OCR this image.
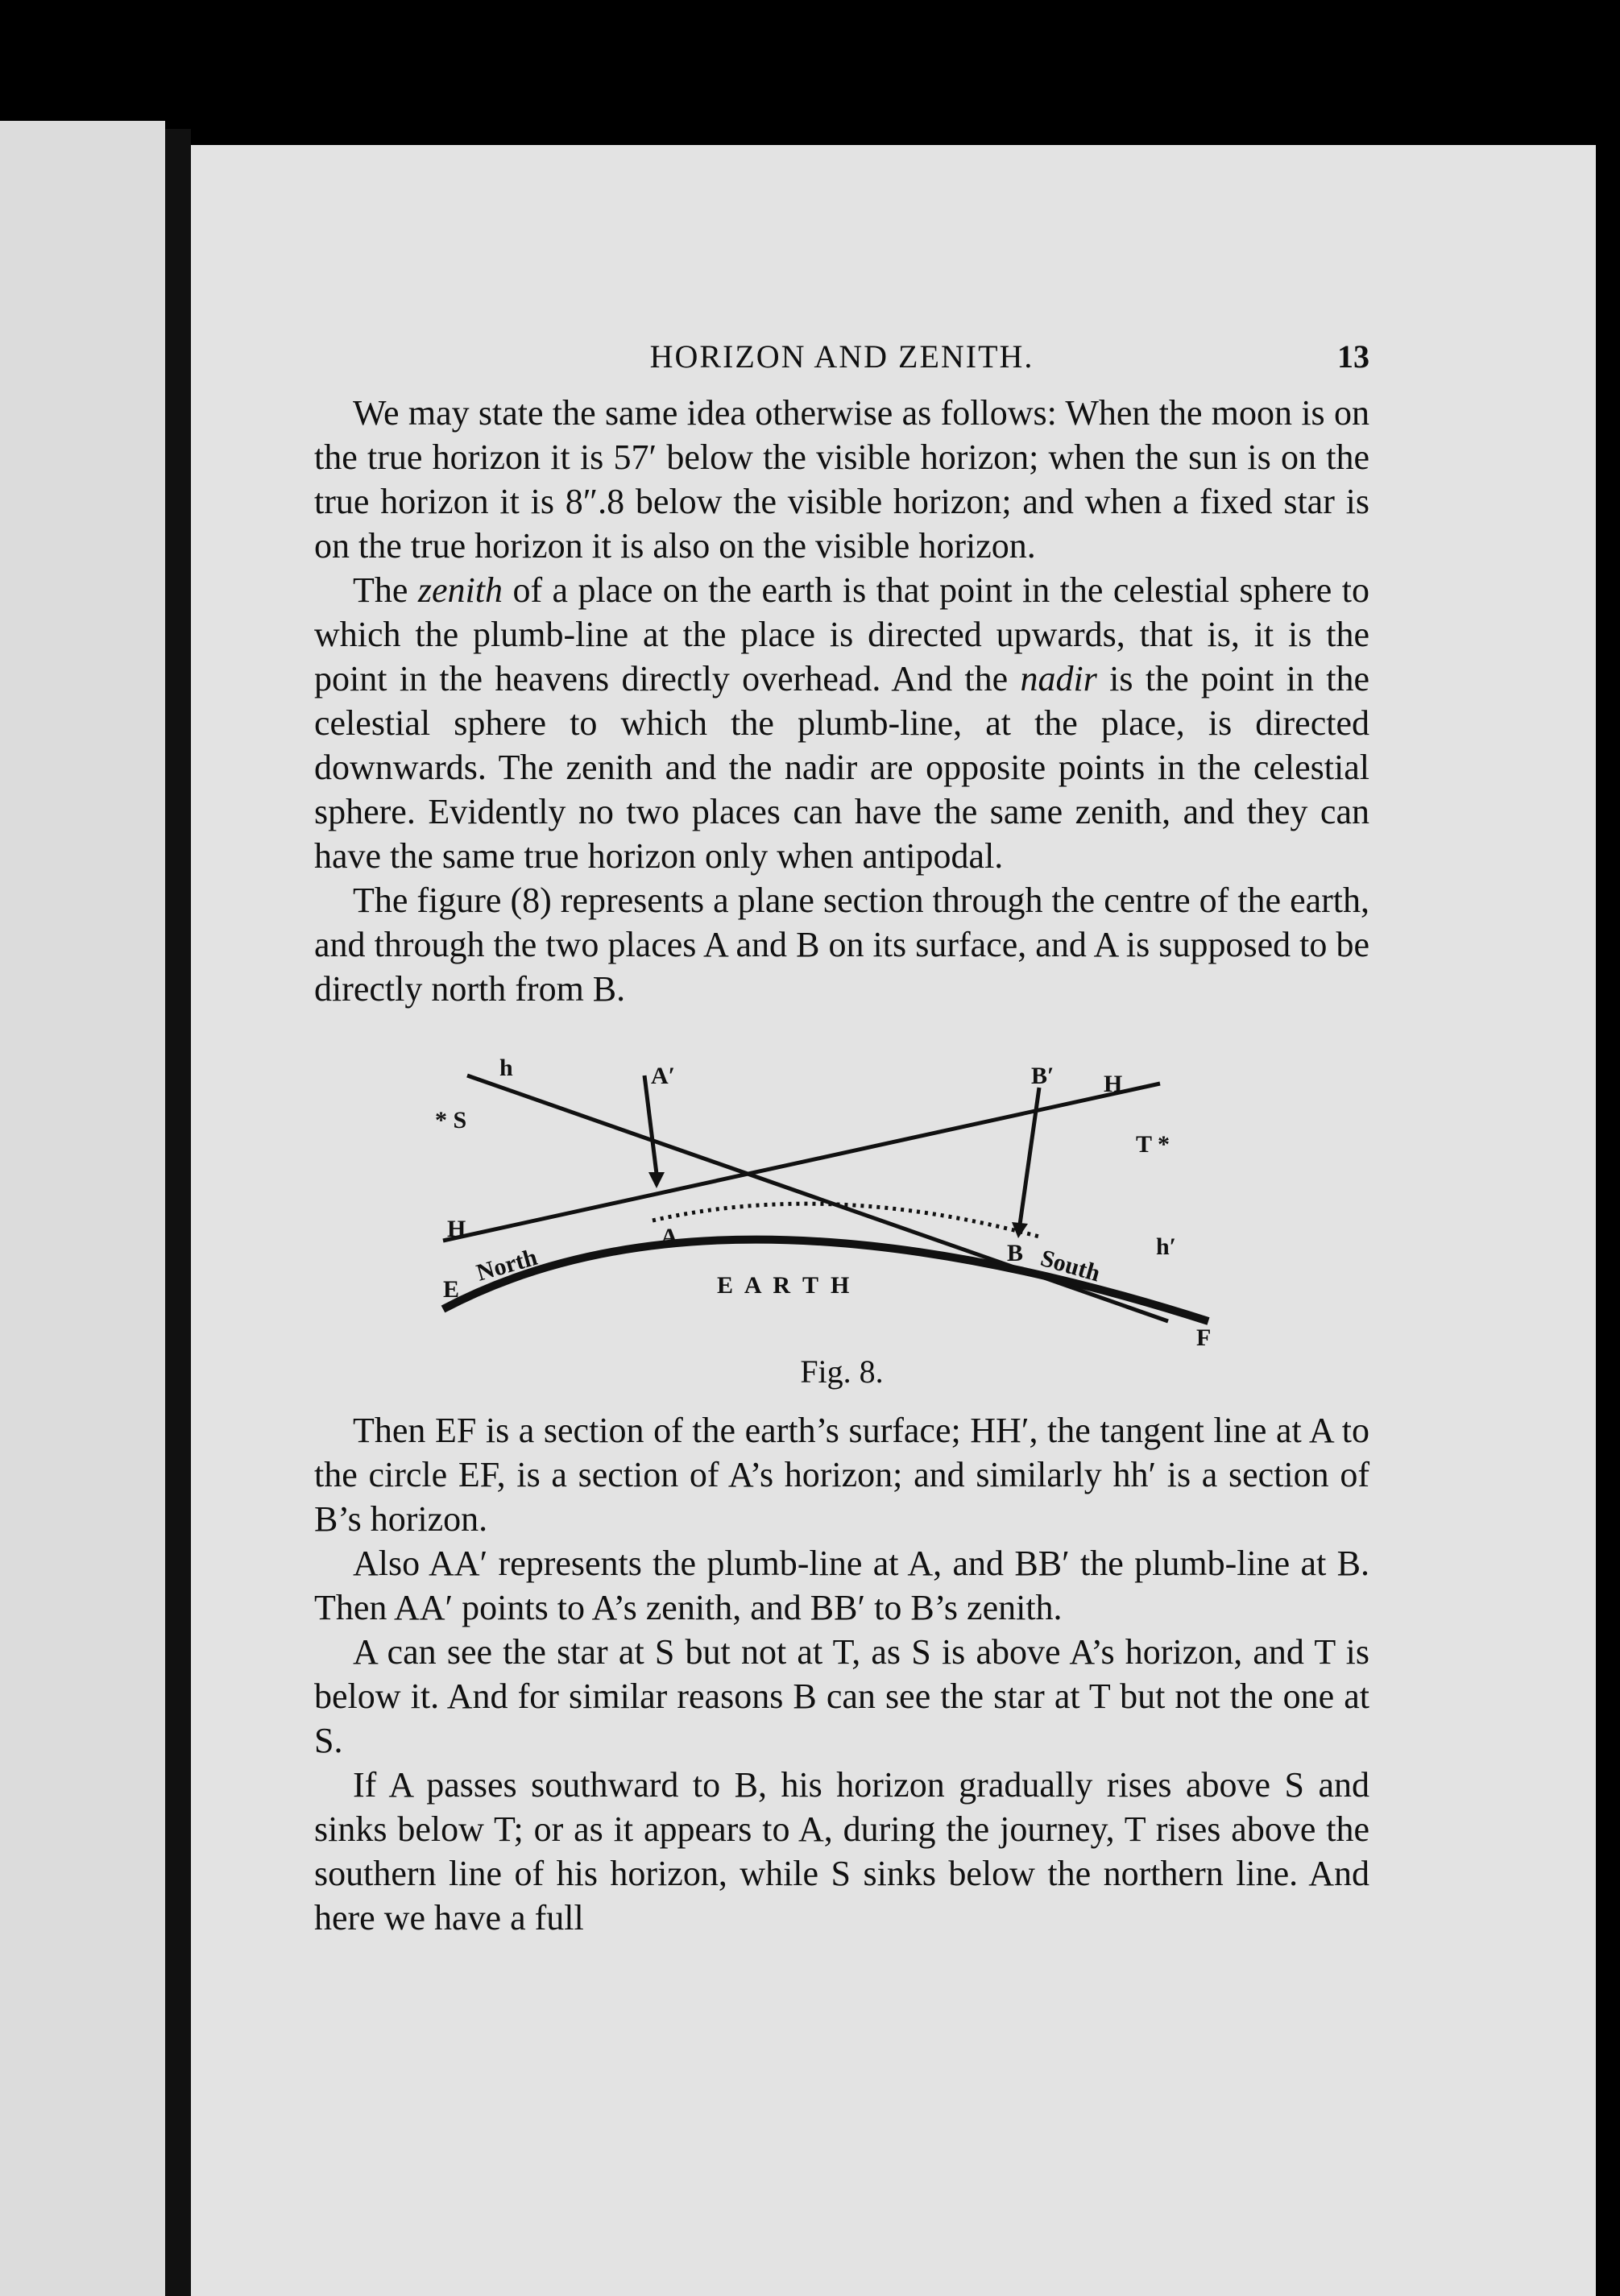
HORIZON AND ZENITH.	13

We may state the same idea otherwise as follows: When the moon is on the true horizon it is 57′ below the visible horizon; when the sun is on the true horizon it is 8″.8 below the visible horizon; and when a fixed star is on the true horizon it is also on the visible horizon.

The zenith of a place on the earth is that point in the celestial sphere to which the plumb-line at the place is directed upwards, that is, it is the point in the heavens directly overhead. And the nadir is the point in the celestial sphere to which the plumb-line, at the place, is directed downwards. The zenith and the nadir are opposite points in the celestial sphere. Evidently no two places can have the same zenith, and they can have the same true horizon only when antipodal.

The figure (8) represents a plane section through the centre of the earth, and through the two places A and B on its surface, and A is supposed to be directly north from B.

h	A′	B′ H
* S
T *
H	A
B	h′
E
F
North	South
E A R T H

Fig. 8.

Then EF is a section of the earth’s surface; HH′, the tangent line at A to the circle EF, is a section of A’s horizon; and similarly hh′ is a section of B’s horizon.

Also AA′ represents the plumb-line at A, and BB′ the plumb-line at B. Then AA′ points to A’s zenith, and BB′ to B’s zenith.

A can see the star at S but not at T, as S is above A’s horizon, and T is below it. And for similar reasons B can see the star at T but not the one at S.

If A passes southward to B, his horizon gradually rises above S and sinks below T; or as it appears to A, during the journey, T rises above the southern line of his horizon, while S sinks below the northern line. And here we have a full
